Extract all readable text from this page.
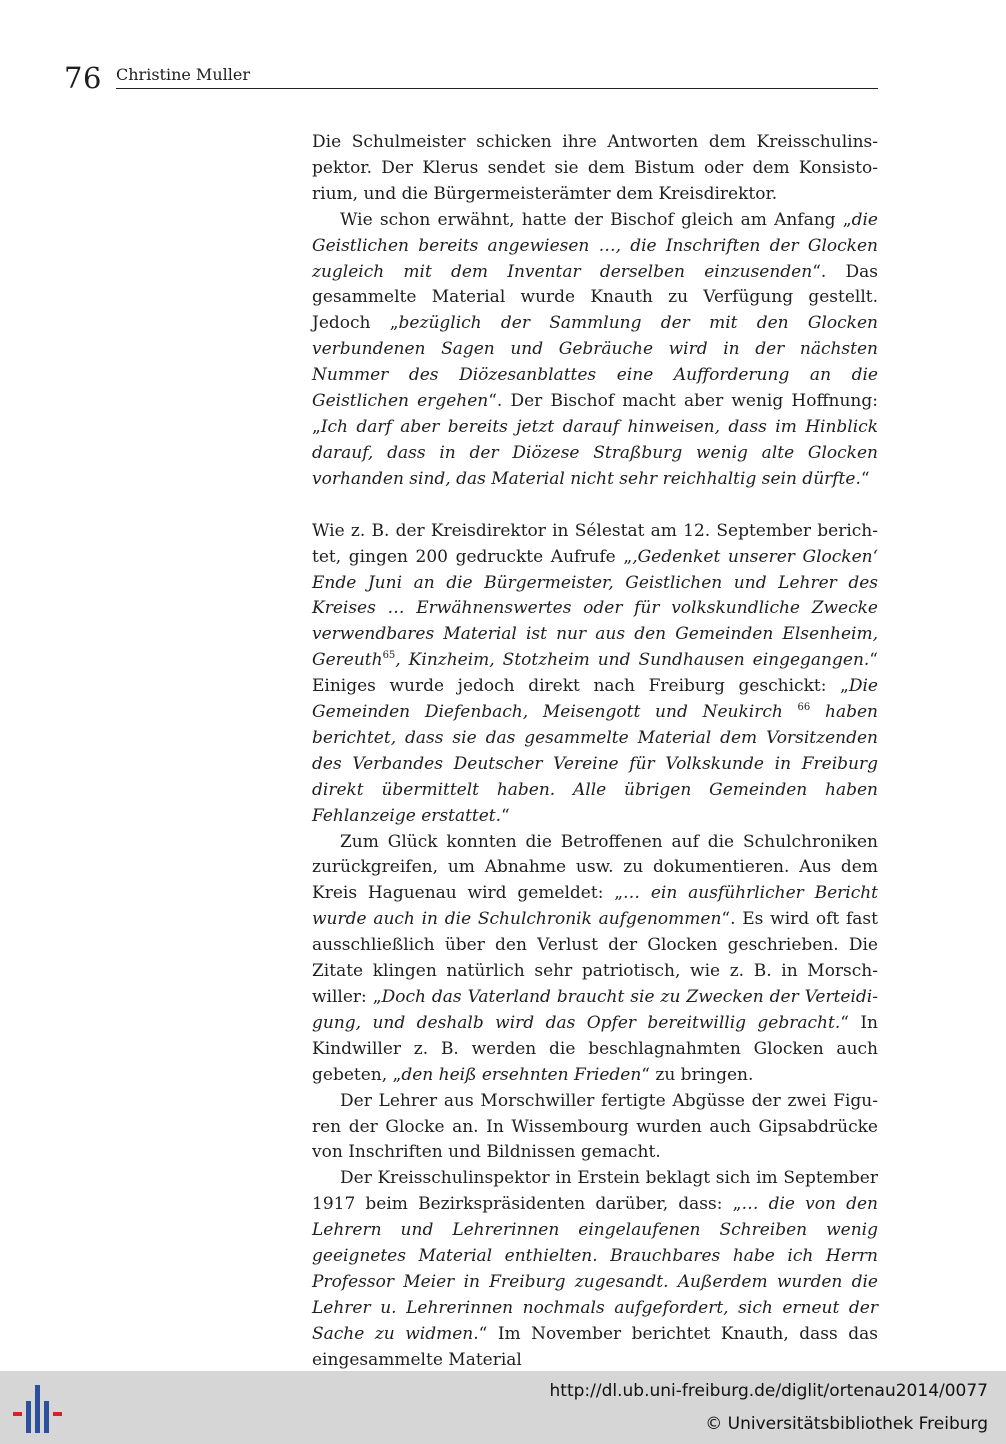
76 Christine Muller

Die Schulmeister schicken ihre Antworten dem Kreisschulinspektor. Der Klerus sendet sie dem Bistum oder dem Konsistorium, und die Bürgermeisterämter dem Kreisdirektor.

Wie schon erwähnt, hatte der Bischof gleich am Anfang „die Geistlichen bereits angewiesen …, die Inschriften der Glocken zugleich mit dem Inventar derselben einzusenden“. Das gesammelte Material wurde Knauth zu Verfügung gestellt. Jedoch „bezüglich der Sammlung der mit den Glocken verbundenen Sagen und Gebräuche wird in der nächsten Nummer des Diözesanblattes eine Aufforderung an die Geistlichen ergehen“. Der Bischof macht aber wenig Hoffnung: „Ich darf aber bereits jetzt darauf hinweisen, dass im Hinblick darauf, dass in der Diözese Straßburg wenig alte Glocken vorhanden sind, das Material nicht sehr reichhaltig sein dürfte.“

Wie z. B. der Kreisdirektor in Sélestat am 12. September berichtet, gingen 200 gedruckte Aufrufe „‚Gedenket unserer Glocken‘ Ende Juni an die Bürgermeister, Geistlichen und Lehrer des Kreises … Erwähnenswertes oder für volkskundliche Zwecke verwendbares Material ist nur aus den Gemeinden Elsenheim, Gereuth$^{65}$, Kinzheim, Stotzheim und Sundhausen eingegangen.“ Einiges wurde jedoch direkt nach Freiburg geschickt: „Die Gemeinden Diefenbach, Meisengott und Neukirch $^{66}$ haben berichtet, dass sie das gesammelte Material dem Vorsitzenden des Verbandes Deutscher Vereine für Volkskunde in Freiburg direkt übermittelt haben. Alle übrigen Gemeinden haben Fehlanzeige erstattet.“

Zum Glück konnten die Betroffenen auf die Schulchroniken zurückgreifen, um Abnahme usw. zu dokumentieren. Aus dem Kreis Haguenau wird gemeldet: „… ein ausführlicher Bericht wurde auch in die Schulchronik aufgenommen“. Es wird oft fast ausschließlich über den Verlust der Glocken geschrieben. Die Zitate klingen natürlich sehr patriotisch, wie z. B. in Morschwiller: „Doch das Vaterland braucht sie zu Zwecken der Verteidigung, und deshalb wird das Opfer bereitwillig gebracht.“ In Kindwiller z. B. werden die beschlagnahmten Glocken auch gebeten, „den heiß ersehnten Frieden“ zu bringen.

Der Lehrer aus Morschwiller fertigte Abgüsse der zwei Figuren der Glocke an. In Wissembourg wurden auch Gipsabdrücke von Inschriften und Bildnissen gemacht.

Der Kreisschulinspektor in Erstein beklagt sich im September 1917 beim Bezirkspräsidenten darüber, dass: „… die von den Lehrern und Lehrerinnen eingelaufenen Schreiben wenig geeignetes Material enthielten. Brauchbares habe ich Herrn Professor Meier in Freiburg zugesandt. Außerdem wurden die Lehrer u. Lehrerinnen nochmals aufgefordert, sich erneut der Sache zu widmen.“ Im November berichtet Knauth, dass das eingesammelte Material

http://dl.ub.uni-freiburg.de/diglit/ortenau2014/0077
© Universitätsbibliothek Freiburg
